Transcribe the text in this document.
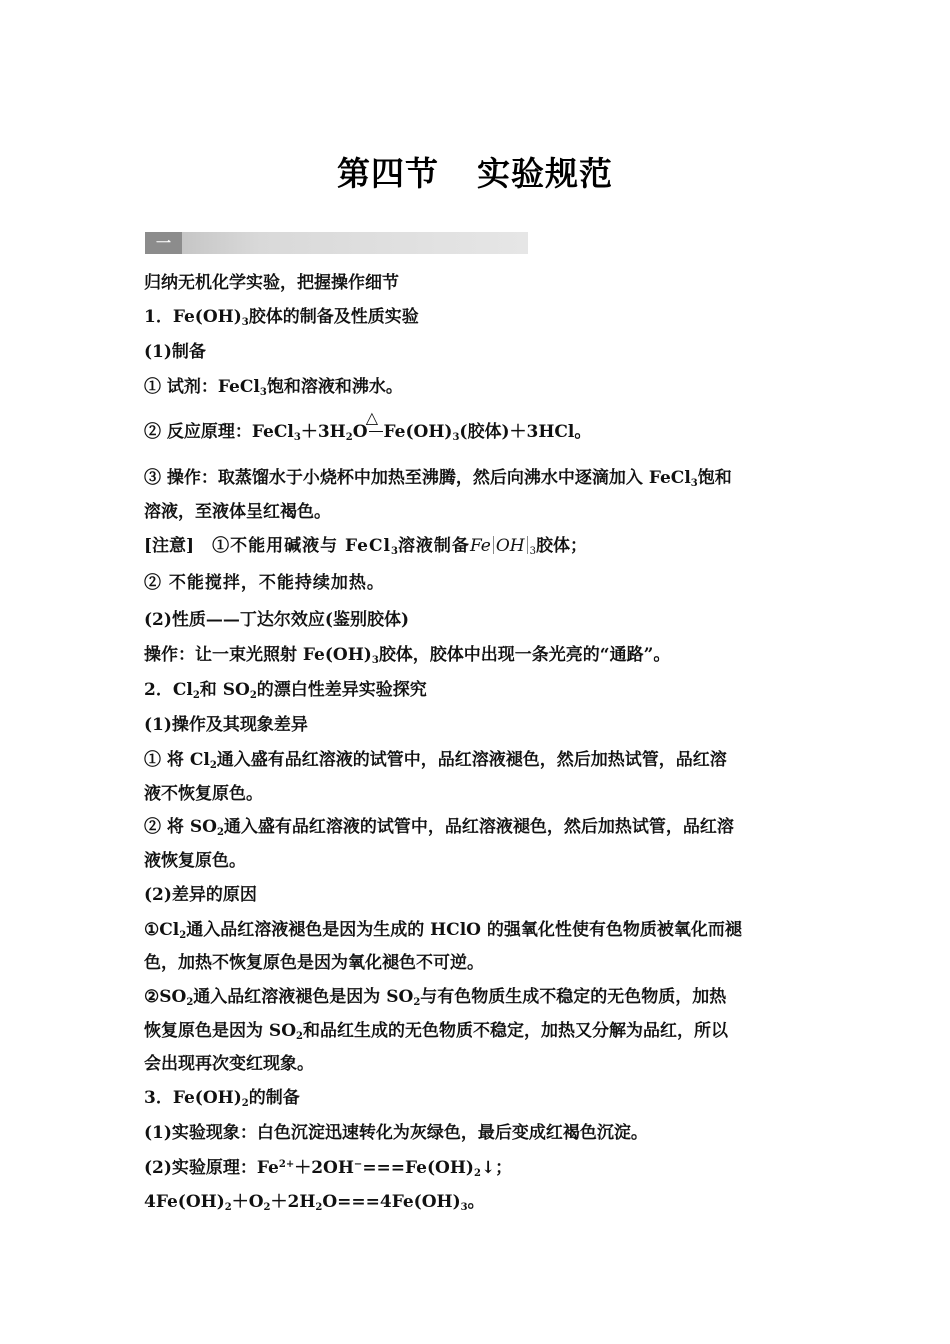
第四节 实验规范
一
归纳无机化学实验，把握操作细节
1．$Fe(OH)_3$胶体的制备及性质实验
(1)制备
① 试剂：FeCl$_3$饱和溶液和沸水。
② 反应原理：$FeCl_3+3H_2O$
△
$Fe(OH)_3$(胶体)＋3HCl。
③ 操作：取蒸馏水于小烧杯中加热至沸腾，然后向沸水中逐滴加入 FeCl$_3$饱和
溶液，至液体呈红褐色。
[注意] ①不能用碱液与 FeCl$_3$溶液制备Fe OH $_3$胶体；
② 不能搅拌，不能持续加热。
(2)性质——丁达尔效应(鉴别胶体)
操作：让一束光照射 $Fe(OH)_3$胶体，胶体中出现一条光亮的“通路”。
2．$Cl_2$和 $SO_2$的漂白性差异实验探究
(1)操作及其现象差异
① 将 $Cl_2$通入盛有品红溶液的试管中，品红溶液褪色，然后加热试管，品红溶
液不恢复原色。
② 将 $SO_2$通入盛有品红溶液的试管中，品红溶液褪色，然后加热试管，品红溶
液恢复原色。
(2)差异的原因
$①Cl_2$通入品红溶液褪色是因为生成的 HClO 的强氧化性使有色物质被氧化而褪
色，加热不恢复原色是因为氧化褪色不可逆。
$②SO_2$通入品红溶液褪色是因为 $SO_2$与有色物质生成不稳定的无色物质，加热
恢复原色是因为 $SO_2$和品红生成的无色物质不稳定，加热又分解为品红，所以
会出现再次变红现象。
3．$Fe(OH)_2$的制备
(1)实验现象：白色沉淀迅速转化为灰绿色，最后变成红褐色沉淀。
(2)实验原理：$Fe^{2+}+2OH^-===Fe(OH)_2↓$；
$4Fe(OH)_2+O_2+2H_2O===4Fe(OH)_3$。
